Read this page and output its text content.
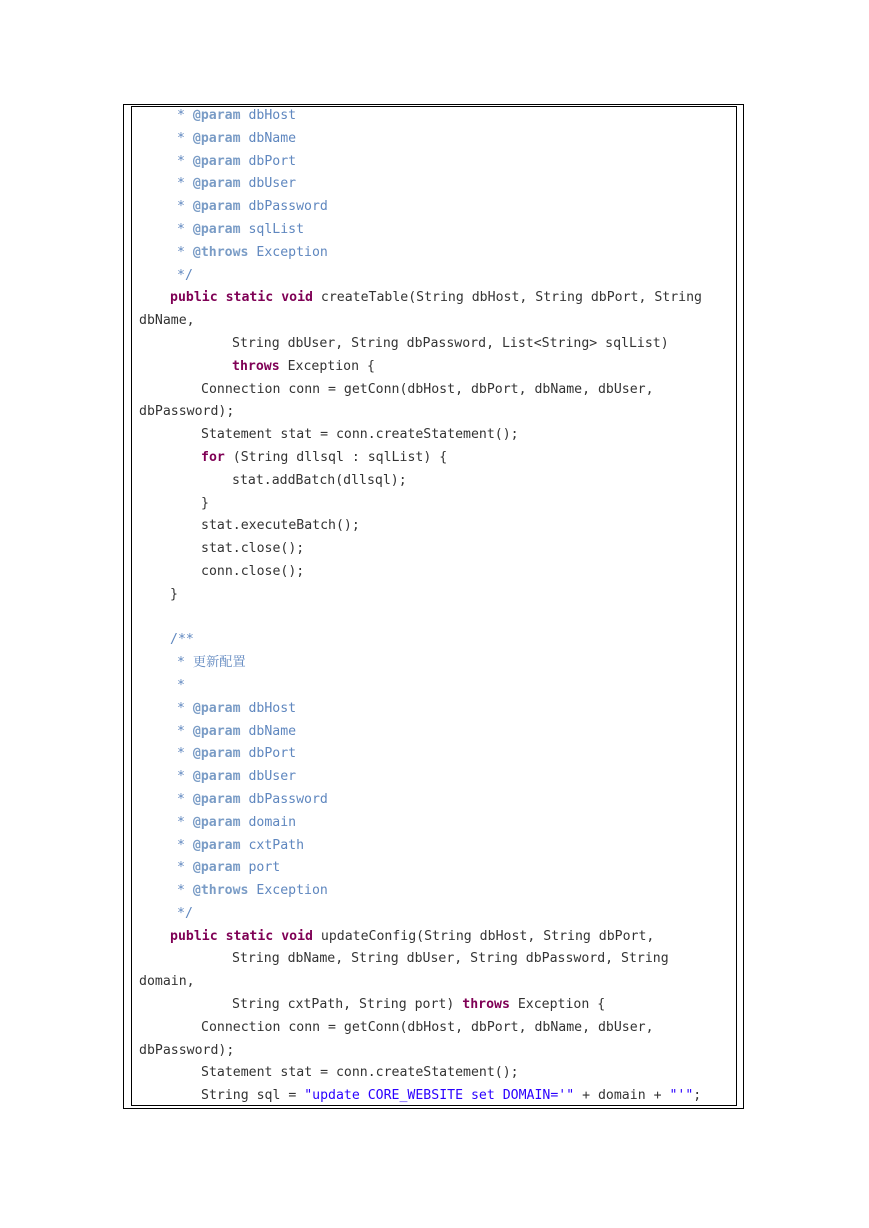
* @param dbHost
* @param dbName
* @param dbPort
* @param dbUser
* @param dbPassword
* @param sqlList
* @throws Exception
*/
public static void createTable(String dbHost, String dbPort, String
dbName,
String dbUser, String dbPassword, List<String> sqlList)
throws Exception {
Connection conn = getConn(dbHost, dbPort, dbName, dbUser,
dbPassword);
Statement stat = conn.createStatement();
for (String dllsql : sqlList) {
stat.addBatch(dllsql);
}
stat.executeBatch();
stat.close();
conn.close();
}
/**
* 更新配置
*
* @param dbHost
* @param dbName
* @param dbPort
* @param dbUser
* @param dbPassword
* @param domain
* @param cxtPath
* @param port
* @throws Exception
*/
public static void updateConfig(String dbHost, String dbPort,
String dbName, String dbUser, String dbPassword, String
domain,
String cxtPath, String port) throws Exception {
Connection conn = getConn(dbHost, dbPort, dbName, dbUser,
dbPassword);
Statement stat = conn.createStatement();
String sql = "update CORE_WEBSITE set DOMAIN='" + domain + "'";
